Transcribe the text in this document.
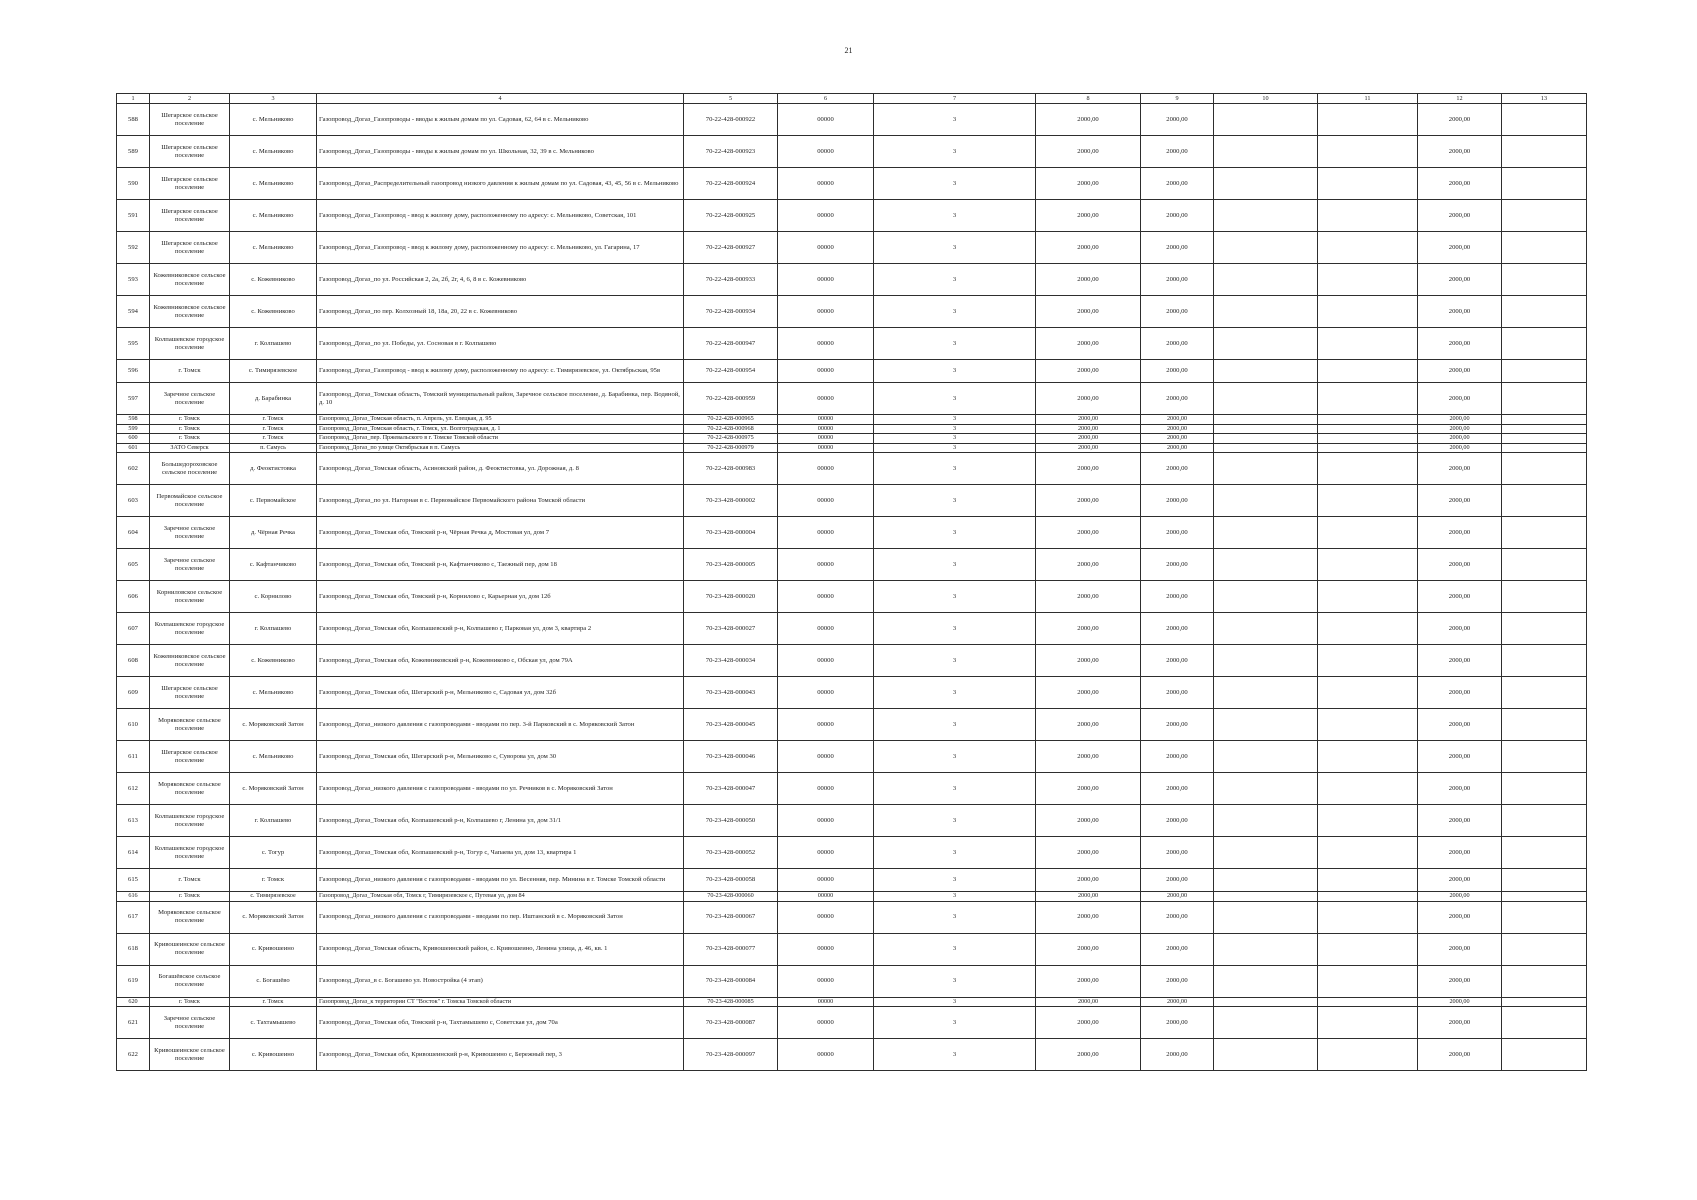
21
1	2	3	4	5	6	7	8	9	10	11	12	13
588	Шегарское сельское поселение	с. Мельниково	Газопровод_Догаз_Газопроводы - вводы к жилым домам по ул. Садовая, 62, 64 в с. Мельниково	70-22-428-000922	00000	3	2000,00	2000,00			2000,00	
589	Шегарское сельское поселение	с. Мельниково	Газопровод_Догаз_Газопроводы - вводы к жилым домам по ул. Школьная, 32, 39 в с. Мельниково	70-22-428-000923	00000	3	2000,00	2000,00			2000,00	
590	Шегарское сельское поселение	с. Мельниково	Газопровод_Догаз_Распределительный газопровод низкого давления к жилым домам по ул. Садовая, 43, 45, 56 в с. Мельниково	70-22-428-000924	00000	3	2000,00	2000,00			2000,00	
591	Шегарское сельское поселение	с. Мельниково	Газопровод_Догаз_Газопровод - ввод к жилому дому, расположенному по адресу: с. Мельниково, Советская, 101	70-22-428-000925	00000	3	2000,00	2000,00			2000,00	
592	Шегарское сельское поселение	с. Мельниково	Газопровод_Догаз_Газопровод - ввод к жилому дому, расположенному по адресу: с. Мельниково, ул. Гагарина, 17	70-22-428-000927	00000	3	2000,00	2000,00			2000,00	
593	Кожевниковское сельское поселение	с. Кожевниково	Газопровод_Догаз_по ул. Российская 2, 2а, 2б, 2г, 4, 6, 8 в с. Кожевниково	70-22-428-000933	00000	3	2000,00	2000,00			2000,00	
594	Кожевниковское сельское поселение	с. Кожевниково	Газопровод_Догаз_по пер. Колхозный 18, 18а, 20, 22 в с. Кожевниково	70-22-428-000934	00000	3	2000,00	2000,00			2000,00	
595	Колпашевское городское поселение	г. Колпашево	Газопровод_Догаз_по ул. Победы, ул. Сосновая в г. Колпашево	70-22-428-000947	00000	3	2000,00	2000,00			2000,00	
596	г. Томск	с. Тимирязевское	Газопровод_Догаз_Газопровод - ввод к жилому дому, расположенному по адресу: с. Тимирязевское, ул. Октябрьская, 95в	70-22-428-000954	00000	3	2000,00	2000,00			2000,00	
597	Заречное сельское поселение	д. Барабинка	Газопровод_Догаз_Томская область, Томский муниципальный район, Заречное сельское поселение, д. Барабинка, пер. Водяной, д. 10	70-22-428-000959	00000	3	2000,00	2000,00			2000,00	
598	г. Томск	г. Томск	Газопровод_Догаз_Томская область, п. Апрель, ул. Елецкая, д. 95	70-22-428-000965	00000	3	2000,00	2000,00			2000,00	
599	г. Томск	г. Томск	Газопровод_Догаз_Томская область, г. Томск, ул. Волгоградская, д. 1	70-22-428-000968	00000	3	2000,00	2000,00			2000,00	
600	г. Томск	г. Томск	Газопровод_Догаз_пер. Пржевальского в г. Томске Томской области	70-22-428-000975	00000	3	2000,00	2000,00			2000,00	
601	ЗАТО Северск	п. Самусь	Газопровод_Догаз_по улице Октябрьская в п. Самусь	70-22-428-000979	00000	3	2000,00	2000,00			2000,00	
602	Большедороховское сельское поселение	д. Феоктистовка	Газопровод_Догаз_Томская область, Асиновский район, д. Феоктистовка, ул. Дорожная, д. 8	70-22-428-000983	00000	3	2000,00	2000,00			2000,00	
603	Первомайское сельское поселение	с. Первомайское	Газопровод_Догаз_по ул. Нагорная в с. Первомайское Первомайского района Томской области	70-23-428-000002	00000	3	2000,00	2000,00			2000,00	
604	Заречное сельское поселение	д. Чёрная Речка	Газопровод_Догаз_Томская обл, Томский р-н, Чёрная Речка д, Мостовая ул, дом 7	70-23-428-000004	00000	3	2000,00	2000,00			2000,00	
605	Заречное сельское поселение	с. Кафтанчиково	Газопровод_Догаз_Томская обл, Томский р-н, Кафтанчиково с, Таежный пер, дом 18	70-23-428-000005	00000	3	2000,00	2000,00			2000,00	
606	Корниловское сельское поселение	с. Корнилово	Газопровод_Догаз_Томская обл, Томский р-н, Корнилово с, Карьерная ул, дом 12б	70-23-428-000020	00000	3	2000,00	2000,00			2000,00	
607	Колпашевское городское поселение	г. Колпашево	Газопровод_Догаз_Томская обл, Колпашевский р-н, Колпашево г, Парковая ул, дом 3, квартира 2	70-23-428-000027	00000	3	2000,00	2000,00			2000,00	
608	Кожевниковское сельское поселение	с. Кожевниково	Газопровод_Догаз_Томская обл, Кожевниковский р-н, Кожевниково с, Обская ул, дом 79А	70-23-428-000034	00000	3	2000,00	2000,00			2000,00	
609	Шегарское сельское поселение	с. Мельниково	Газопровод_Догаз_Томская обл, Шегарский р-н, Мельниково с, Садовая ул, дом 32б	70-23-428-000043	00000	3	2000,00	2000,00			2000,00	
610	Моряковское сельское поселение	с. Моряковский Затон	Газопровод_Догаз_низкого давления с газопроводами - вводами по пер. 3-й Парковский в с. Моряковский Затон	70-23-428-000045	00000	3	2000,00	2000,00			2000,00	
611	Шегарское сельское поселение	с. Мельниково	Газопровод_Догаз_Томская обл, Шегарский р-н, Мельниково с, Суворова ул, дом 30	70-23-428-000046	00000	3	2000,00	2000,00			2000,00	
612	Моряковское сельское поселение	с. Моряковский Затон	Газопровод_Догаз_низкого давления с газопроводами - вводами по ул. Речников в с. Моряковский Затон	70-23-428-000047	00000	3	2000,00	2000,00			2000,00	
613	Колпашевское городское поселение	г. Колпашево	Газопровод_Догаз_Томская обл, Колпашевский р-н, Колпашево г, Ленина ул, дом 31/1	70-23-428-000050	00000	3	2000,00	2000,00			2000,00	
614	Колпашевское городское поселение	с. Тогур	Газопровод_Догаз_Томская обл, Колпашевский р-н, Тогур с, Чапаева ул, дом 13, квартира 1	70-23-428-000052	00000	3	2000,00	2000,00			2000,00	
615	г. Томск	г. Томск	Газопровод_Догаз_низкого давления с газопроводами - вводами по ул. Весенняя, пер. Минина в г. Томске Томской области	70-23-428-000058	00000	3	2000,00	2000,00			2000,00	
616	г. Томск	с. Тимирязевское	Газопровод_Догаз_Томская обл, Томск г, Тимирязевское с, Путевая ул, дом 84	70-23-428-000060	00000	3	2000,00	2000,00			2000,00	
617	Моряковское сельское поселение	с. Моряковский Затон	Газопровод_Догаз_низкого давления с газопроводами - вводами по пер. Иштанский в с. Моряковский Затон	70-23-428-000067	00000	3	2000,00	2000,00			2000,00	
618	Кривошеинское сельское поселение	с. Кривошеино	Газопровод_Догаз_Томская область, Кривошеинский район, с. Кривошеино, Ленина улица, д. 46, кв. 1	70-23-428-000077	00000	3	2000,00	2000,00			2000,00	
619	Богашёвское сельское поселение	с. Богашёво	Газопровод_Догаз_в с. Богашево ул. Новостройка (4 этап)	70-23-428-000084	00000	3	2000,00	2000,00			2000,00	
620	г. Томск	г. Томск	Газопровод_Догаз_к территории СТ "Восток" г. Томска Томской области	70-23-428-000085	00000	3	2000,00	2000,00			2000,00	
621	Заречное сельское поселение	с. Тахтамышево	Газопровод_Догаз_Томская обл, Томский р-н, Тахтамышево с, Советская ул, дом 70а	70-23-428-000087	00000	3	2000,00	2000,00			2000,00	
622	Кривошеинское сельское поселение	с. Кривошеино	Газопровод_Догаз_Томская обл, Кривошеинский р-н, Кривошеино с, Бережный пер, 3	70-23-428-000097	00000	3	2000,00	2000,00			2000,00	
